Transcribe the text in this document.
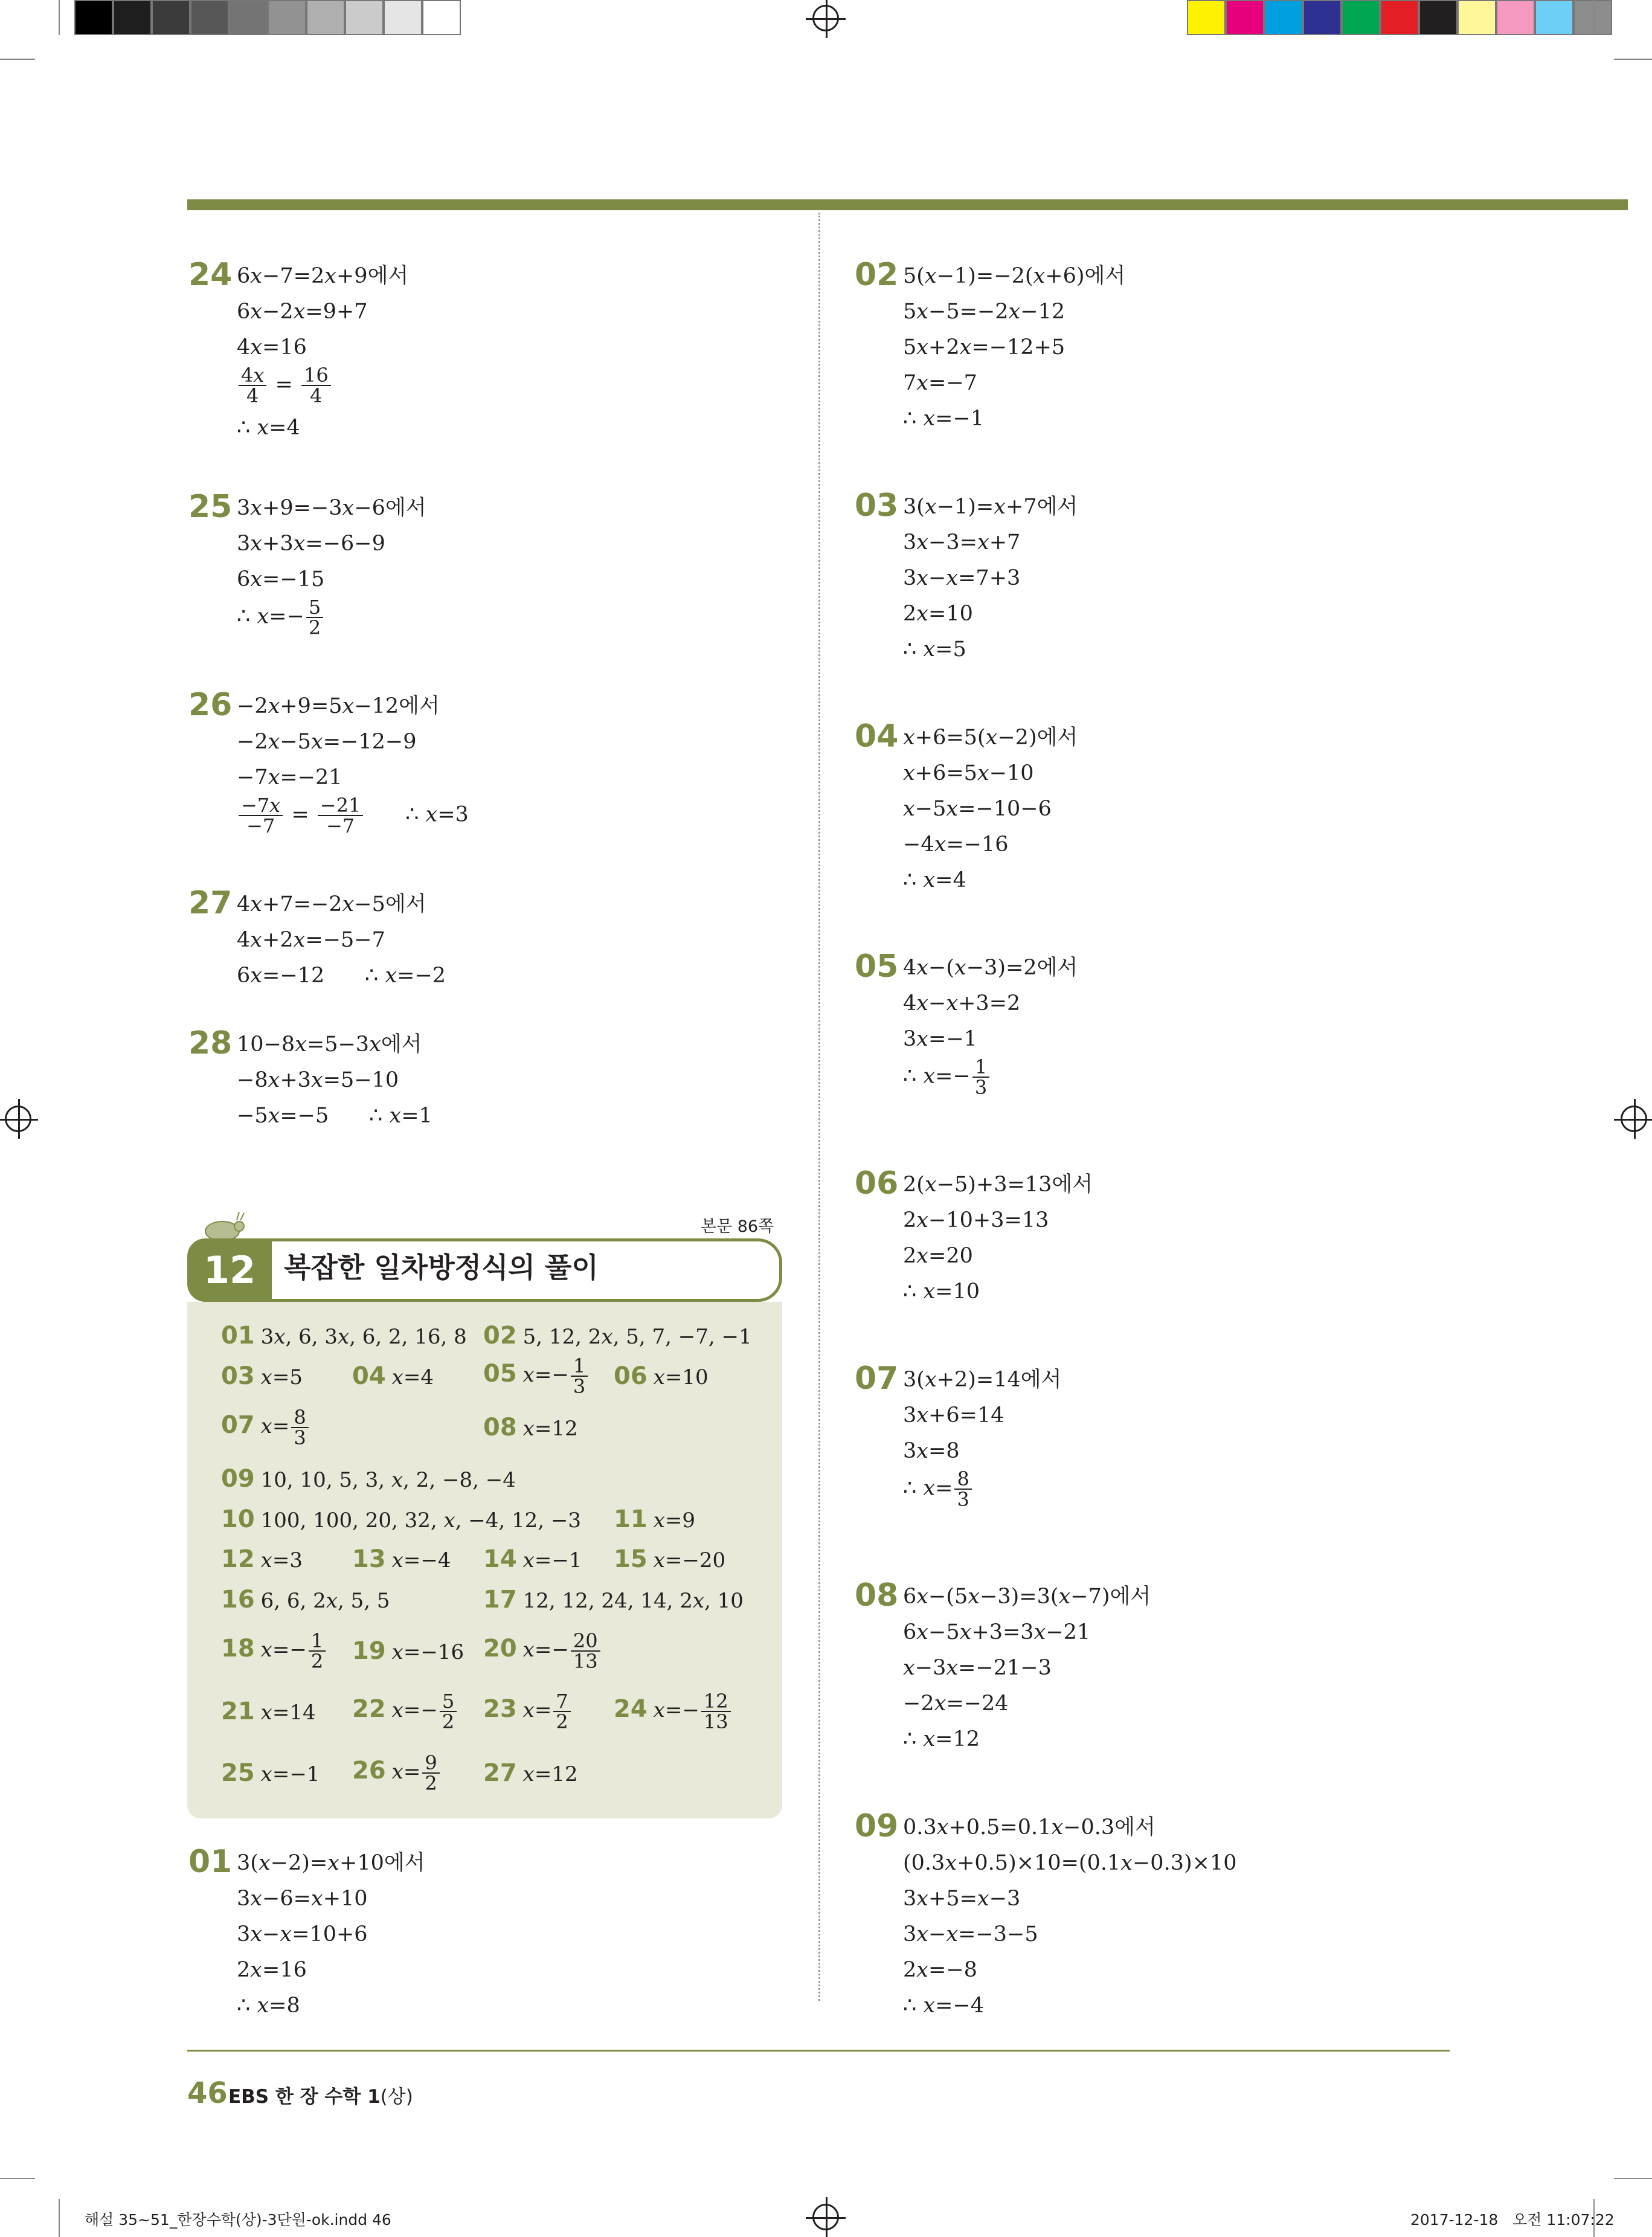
24 6x−7=2x+9에서
6x−2x=9+7
4x=16
$\frac{4x}{4} = \frac{16}{4}$
∴ x=4
25 3x+9=−3x−6에서
3x+3x=−6−9
6x=−15
∴ $x=- \frac{5}{2}$
26 −2x+9=5x−12에서
−2x−5x=−12−9
−7x=−21
$\frac{-7x}{-7} = \frac{-21}{-7}$ ∴ x=3
27 4x+7=−2x−5에서
4x+2x=−5−7
6x=−12      ∴ x=−2
28 10−8x=5−3x에서
−8x+3x=5−10
−5x=−5      ∴ x=1
본문 86쪽
12	복잡한 일차방정식의 풀이
01 3x, 6, 3x, 6, 2, 16, 8 02 5, 12, 2x, 5, 7, −7, −1
03 x=5 04 x=4 05 $x=- \frac{1}{3} 06$ x=10
07 $x= \frac{8}{3}$	08 x=12
09 10, 10, 5, 3, x, 2, −8, −4
10 100, 100, 20, 32, x, −4, 12, −3 11 x=9
12 x=3 13 x=−4 14 x=−1 15 x=−20
16 6, 6, 2x, 5, 5	17 12, 12, 24, 14, 2x, 10
18 $x=- \frac{1}{2} 19$ x=−16 20 $x=- \frac{20}{13}$
21 x=14 22 $x=- \frac{5}{2} 23$ $x= \frac{7}{2} 24$ $x=- \frac{12}{13}$
25 x=−1 26 $x= \frac{9}{2} 27$ x=12
01 3(x−2)=x+10에서
3x−6=x+10
3x−x=10+6
2x=16
∴ x=8
02 5(x−1)=−2(x+6)에서
5x−5=−2x−12
5x+2x=−12+5
7x=−7
∴ x=−1
03 3(x−1)=x+7에서
3x−3=x+7
3x−x=7+3
2x=10
∴ x=5
04 x+6=5(x−2)에서
x+6=5x−10
x−5x=−10−6
−4x=−16
∴ x=4
05 4x−(x−3)=2에서
4x−x+3=2
3x=−1
∴ $x=- \frac{1}{3}$
06 2(x−5)+3=13에서
2x−10+3=13
2x=20
∴ x=10
07 3(x+2)=14에서
3x+6=14
3x=8
∴ $x= \frac{8}{3}$
08 6x−(5x−3)=3(x−7)에서
6x−5x+3=3x−21
x−3x=−21−3
−2x=−24
∴ x=12
09 0.3x+0.5=0.1x−0.3에서
(0.3x+0.5)×10=(0.1x−0.3)×10
3x+5=x−3
3x−x=−3−5
2x=−8
∴ x=−4
46 EBS 한 장 수학 1(상)
해설 35~51_한장수학(상)-3단원-ok.indd 46	2017-12-18   오전 11:07:22
